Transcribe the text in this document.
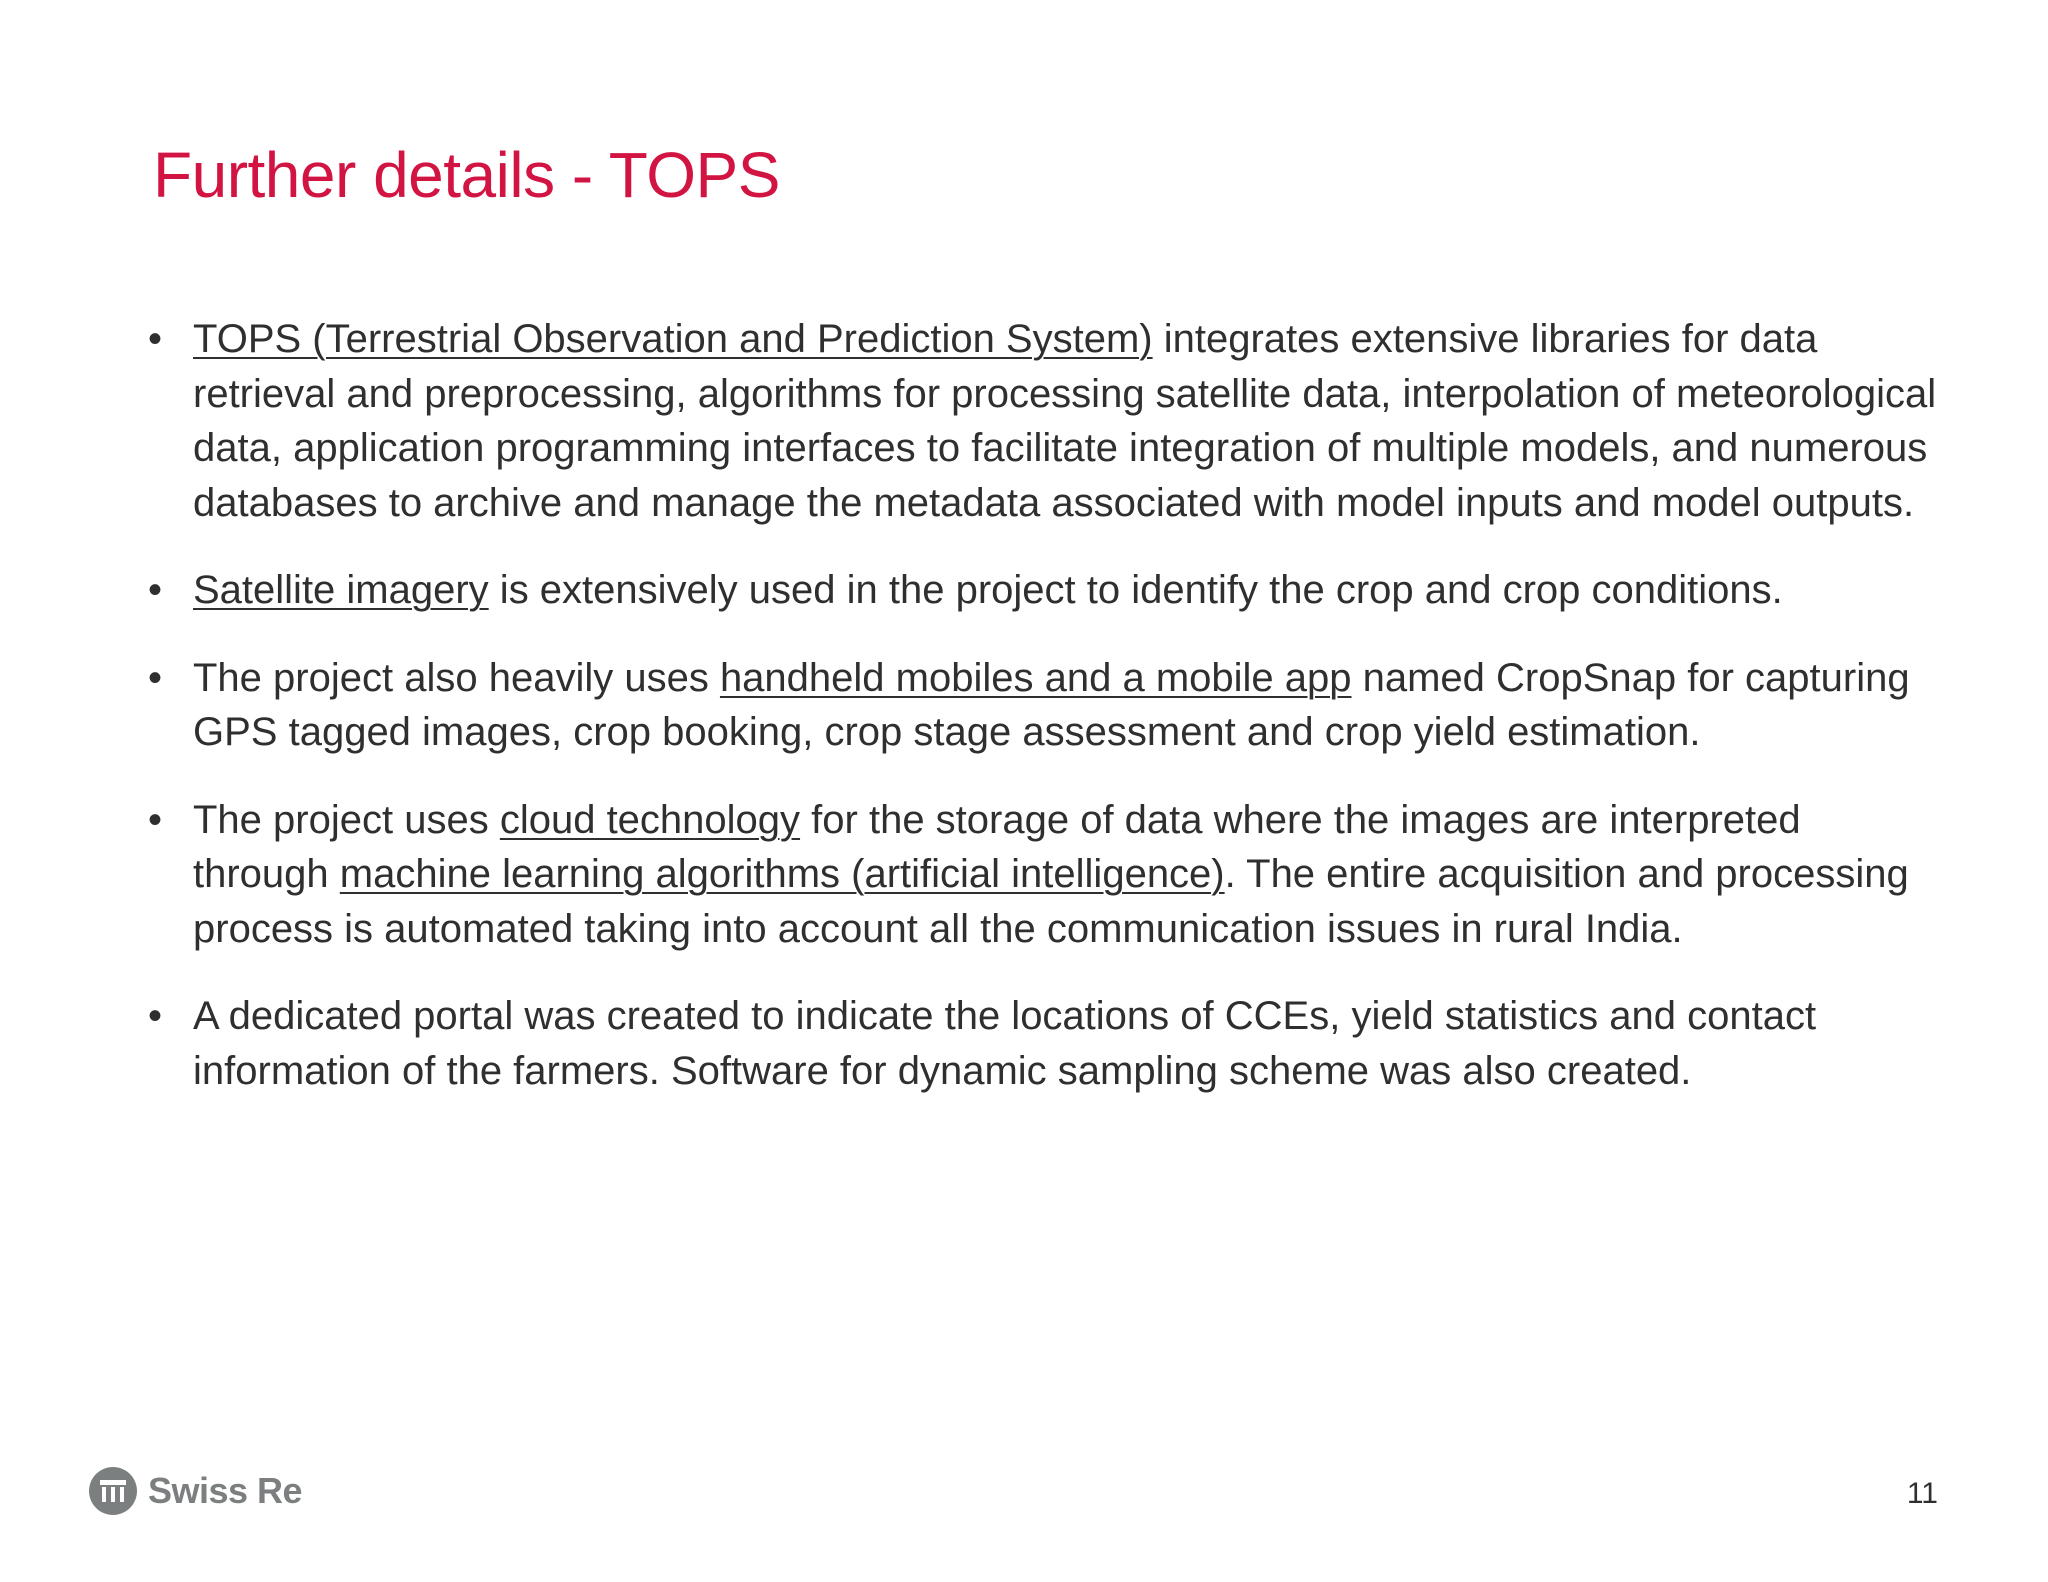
Further details - TOPS
• TOPS (Terrestrial Observation and Prediction System) integrates extensive libraries for data retrieval and preprocessing, algorithms for processing satellite data, interpolation of meteorological data, application programming interfaces to facilitate integration of multiple models, and numerous databases to archive and manage the metadata associated with model inputs and model outputs.
• Satellite imagery is extensively used in the project to identify the crop and crop conditions.
• The project also heavily uses handheld mobiles and a mobile app named CropSnap for capturing GPS tagged images, crop booking, crop stage assessment and crop yield estimation.
• The project uses cloud technology for the storage of data where the images are interpreted through machine learning algorithms (artificial intelligence). The entire acquisition and processing process is automated taking into account all the communication issues in rural India.
• A dedicated portal was created to indicate the locations of CCEs, yield statistics and contact information of the farmers. Software for dynamic sampling scheme was also created.
Swiss Re	11
